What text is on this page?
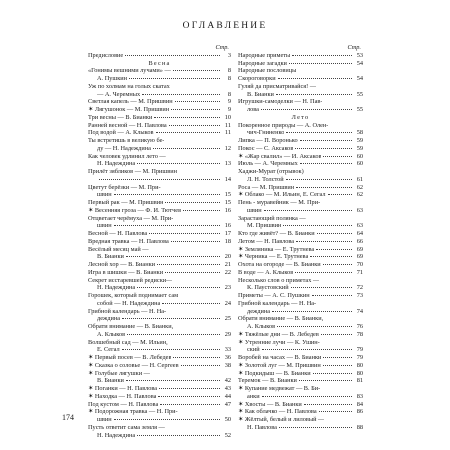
ОГЛАВЛЕНИЕ
Стр.
Предисловие	3
Весна
«Гонимы вешними лучами» —	8
А. Пушкин	8
Уж по холмам на голых скатах
— А. Черемных	8
Светлая капель — М. Пришвин	9
✶ Лягушонок — М. Пришвин	9
Три весны — В. Бианки	10
Ранней весной — Н. Павлова	11
Под водой — А. Клыков	11
Ты встретишь в великую бе-
ду — Н. Надеждина	12
Как человек удлинил лето —
Н. Надеждина	13
Прилёт зябликов — М. Пришвин
14
Цветут берёзки — М. При-
швин	15
Первый рак — М. Пришвин	15
✶ Весенняя гроза — Ф. И. Тютчев	16
Отцветает черёмуха — М. При-
швин	16
Весной — Н. Павлова	17
Вредная травка — Н. Павлова	18
Весёлый месяц май —
В. Бианки	20
Лесной хор — В. Бианки	21
Игра в шишки — В. Бианки	22
Секрет исстаревшей редиски—
Н. Надеждина	23
Горошек, который поднимает сам
собой — Н. Надеждина	24
Грибной календарь — Н. На-
деждина	25
Обрати внимание — В. Бианки,
А. Клыков	29
Волшебный сад — М. Ильин,
Е. Сегал	33
✶ Первый посев — В. Лебедев	36
✶ Сказка о соловье — Н. Сергеев	38
✶ Голубые лягушки —
В. Бианки	42
✶ Поганки — Н. Павлова	43
✶ Находка — Н. Павлова	44
Под кустом — Н. Павлова	47
✶ Подорожная травка — Н. При-
швин	50
Пусть ответит сама земля —
Н. Надеждина	52
Стр.
Народные приметы	53
Народные загадки	54
Народные пословицы
Скороговорки	54
Гуляй да присматривайся! —
В. Бианки	55
Игрушки-самоделки — Н. Пав-
лова	55
Лето
Покоренное природы — А. Олен-
чич-Гниненко	58
Липка — П. Воронько	59
Покос — С. Аксаков	59
✶ «Жар свалил» — И. Аксаков	60
Июль — А. Черемных	60
Хаджи-Мурат (отрывок)
Л. Н. Толстой	61
Роса — М. Пришвин	62
✶ Облако — М. Ильин, Е. Сегал	62
Пень - муравейник — М. При-
швин	63
Зарастающий полянка —
М. Пришвин	63
Кто где живёт? — В. Бианки	64
Летом — Н. Павлова	66
✶ Земляника — Е. Трутнева	69
✶ Черника — Е. Трутнева	69
Охота на огороде — В. Бианки	70
В воде — А. Клыков	71
Несколько слов о приметах —
К. Паустовский	72
Приметы — А. С. Пушкин	73
Грибной календарь — Н. На-
деждина	74
Обрати внимание — В. Бианки,
А. Клыков	76
✶ Тяжёлые дни — В. Лебедев	78
✶ Утренние лучи — К. Ушин-
ский	79
Воробей на часах — В. Бианки	79
✶ Золотой луг — М. Пришвин	80
✶ Подкидыш — В. Бианки	80
Теремок — В. Бианки	81
✶ Купание медвежат — В. Би-
анки	83
✶ Хвосты — В. Бианки	84
✶ Как облачко — Н. Павлова	86
✶ Жёлтый, белый и лиловый —
Н. Павлова	88
174
